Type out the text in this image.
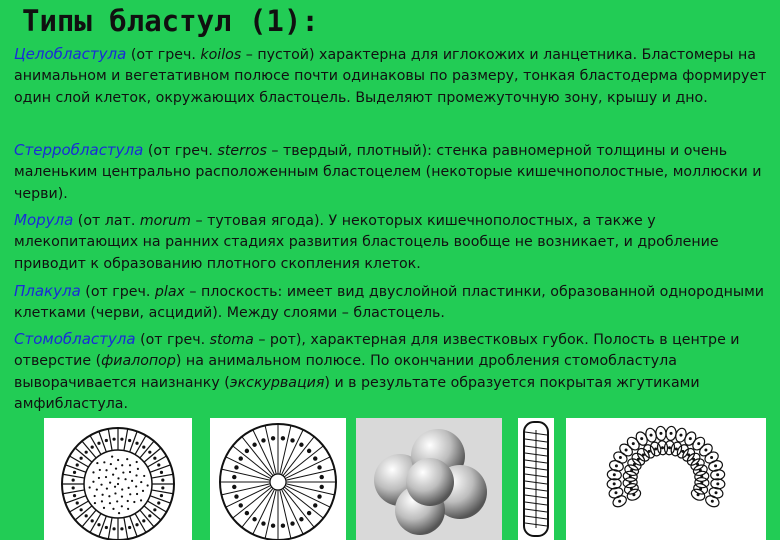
Типы бластул (1):

Целобластула (от греч. koilos – пустой) характерна для иглокожих и ланцетника. Бластомеры на анимальном и вегетативном полюсе почти одинаковы по размеру, тонкая бластодерма формирует один слой клеток, окружающих бластоцель. Выделяют промежуточную зону, крышу и дно.

Стерробластула (от греч. sterros – твердый, плотный): стенка равномерной толщины и очень маленьким центрально расположенным бластоцелем (некоторые кишечнополостные, моллюски и черви).

Морула (от лат. morum – тутовая ягода). У некоторых кишечнополостных, а также у млекопитающих на ранних стадиях развития бластоцель вообще не возникает, и дробление приводит к образованию плотного скопления клеток.

Плакула (от греч. plax – плоскость: имеет вид двуслойной пластинки, образованной однородными клетками (черви, асцидий). Между слоями – бластоцель.

Стомобластула (от греч. stoma – рот), характерная для известковых губок. Полость в центре и отверстие (фиалопор) на анимальном полюсе. По окончании дробления стомобластула выворачивается наизнанку (экскурвация) и в результате образуется покрытая жгутиками амфибластула.
